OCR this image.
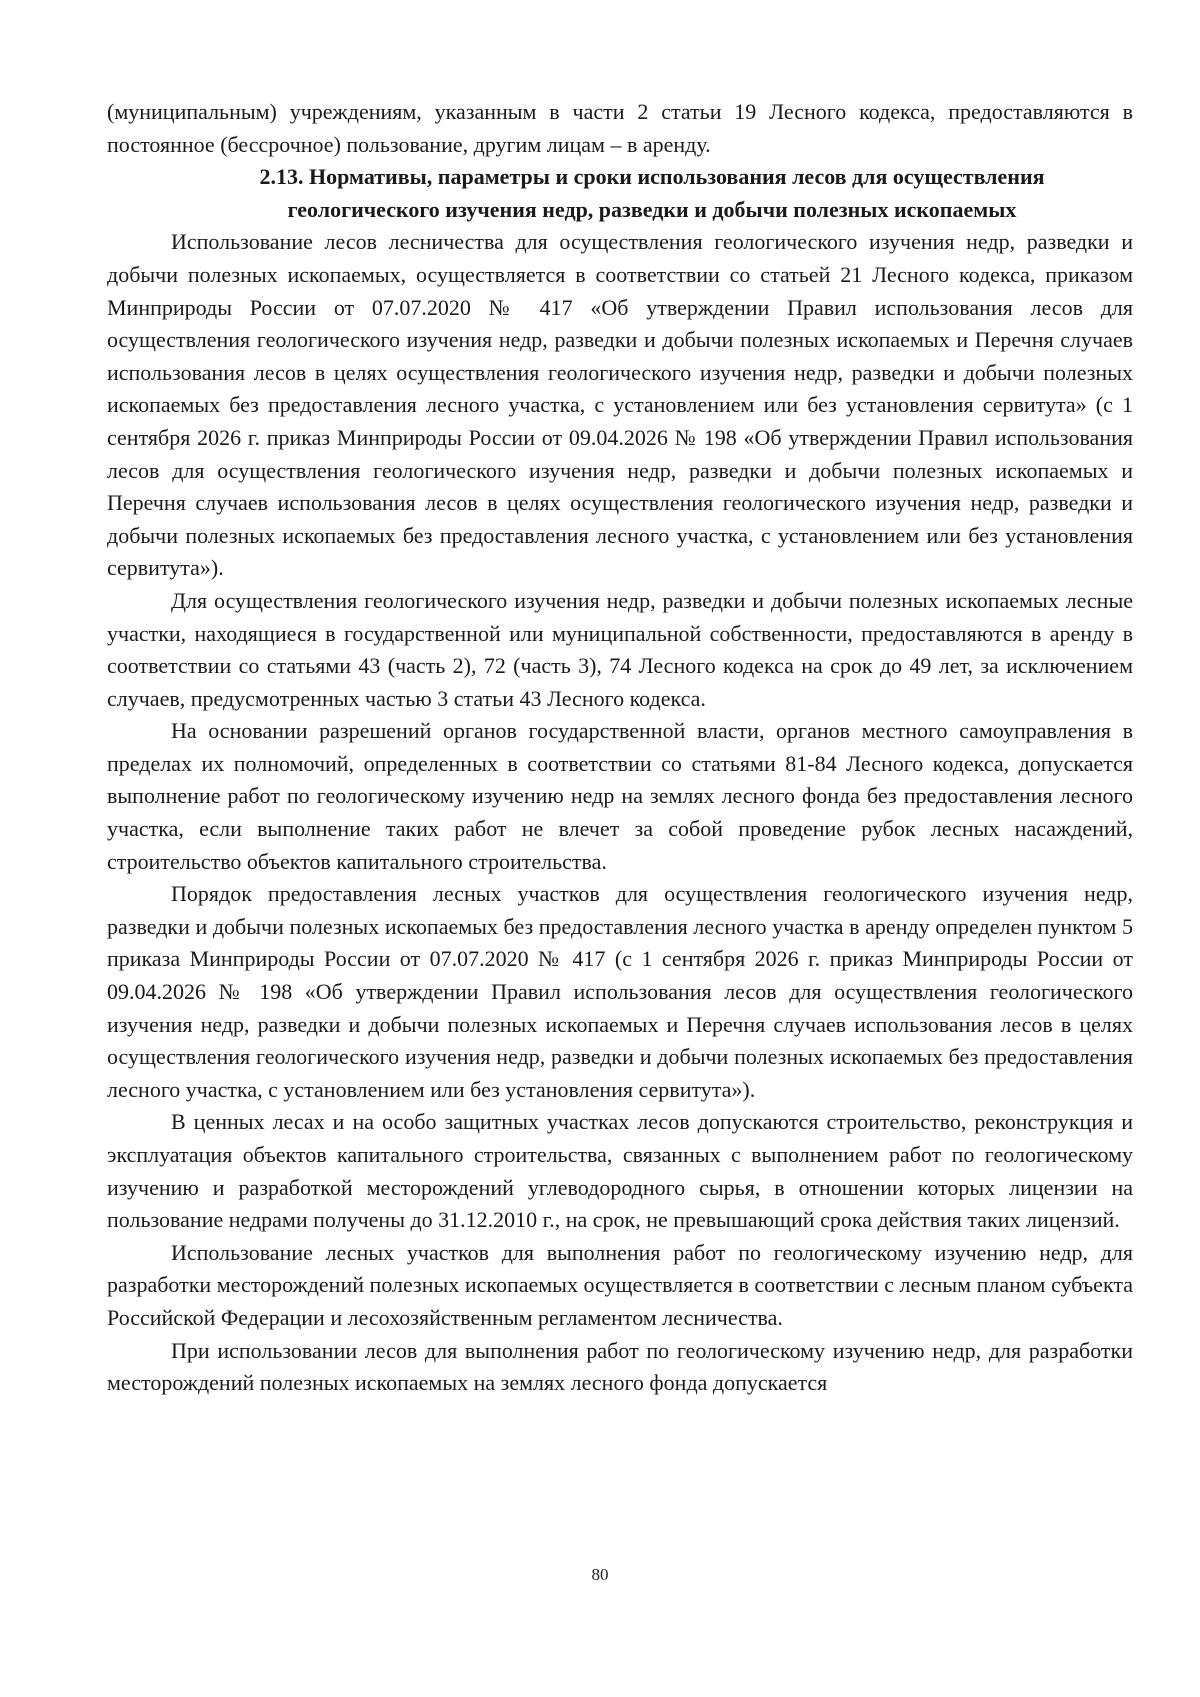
(муниципальным) учреждениям, указанным в части 2 статьи 19 Лесного кодекса, предоставляются в постоянное (бессрочное) пользование, другим лицам – в аренду.

2.13. Нормативы, параметры и сроки использования лесов для осуществления
геологического изучения недр, разведки и добычи полезных ископаемых

Использование лесов лесничества для осуществления геологического изучения недр, разведки и добычи полезных ископаемых, осуществляется в соответствии со статьей 21 Лесного кодекса, приказом Минприроды России от 07.07.2020 № 417 «Об утверждении Правил использования лесов для осуществления геологического изучения недр, разведки и добычи полезных ископаемых и Перечня случаев использования лесов в целях осуществления геологического изучения недр, разведки и добычи полезных ископаемых без предоставления лесного участка, с установлением или без установления сервитута» (с 1 сентября 2026 г. приказ Минприроды России от 09.04.2026 № 198 «Об утверждении Правил использования лесов для осуществления геологического изучения недр, разведки и добычи полезных ископаемых и Перечня случаев использования лесов в целях осуществления геологического изучения недр, разведки и добычи полезных ископаемых без предоставления лесного участка, с установлением или без установления сервитута»).

Для осуществления геологического изучения недр, разведки и добычи полезных ископаемых лесные участки, находящиеся в государственной или муниципальной собственности, предоставляются в аренду в соответствии со статьями 43 (часть 2), 72 (часть 3), 74 Лесного кодекса на срок до 49 лет, за исключением случаев, предусмотренных частью 3 статьи 43 Лесного кодекса.

На основании разрешений органов государственной власти, органов местного самоуправления в пределах их полномочий, определенных в соответствии со статьями 81-84 Лесного кодекса, допускается выполнение работ по геологическому изучению недр на землях лесного фонда без предоставления лесного участка, если выполнение таких работ не влечет за собой проведение рубок лесных насаждений, строительство объектов капитального строительства.

Порядок предоставления лесных участков для осуществления геологического изучения недр, разведки и добычи полезных ископаемых без предоставления лесного участка в аренду определен пунктом 5 приказа Минприроды России от 07.07.2020 № 417 (с 1 сентября 2026 г. приказ Минприроды России от 09.04.2026 № 198 «Об утверждении Правил использования лесов для осуществления геологического изучения недр, разведки и добычи полезных ископаемых и Перечня случаев использования лесов в целях осуществления геологического изучения недр, разведки и добычи полезных ископаемых без предоставления лесного участка, с установлением или без установления сервитута»).

В ценных лесах и на особо защитных участках лесов допускаются строительство, реконструкция и эксплуатация объектов капитального строительства, связанных с выполнением работ по геологическому изучению и разработкой месторождений углеводородного сырья, в отношении которых лицензии на пользование недрами получены до 31.12.2010 г., на срок, не превышающий срока действия таких лицензий.

Использование лесных участков для выполнения работ по геологическому изучению недр, для разработки месторождений полезных ископаемых осуществляется в соответствии с лесным планом субъекта Российской Федерации и лесохозяйственным регламентом лесничества.

При использовании лесов для выполнения работ по геологическому изучению недр, для разработки месторождений полезных ископаемых на землях лесного фонда допускается

80
